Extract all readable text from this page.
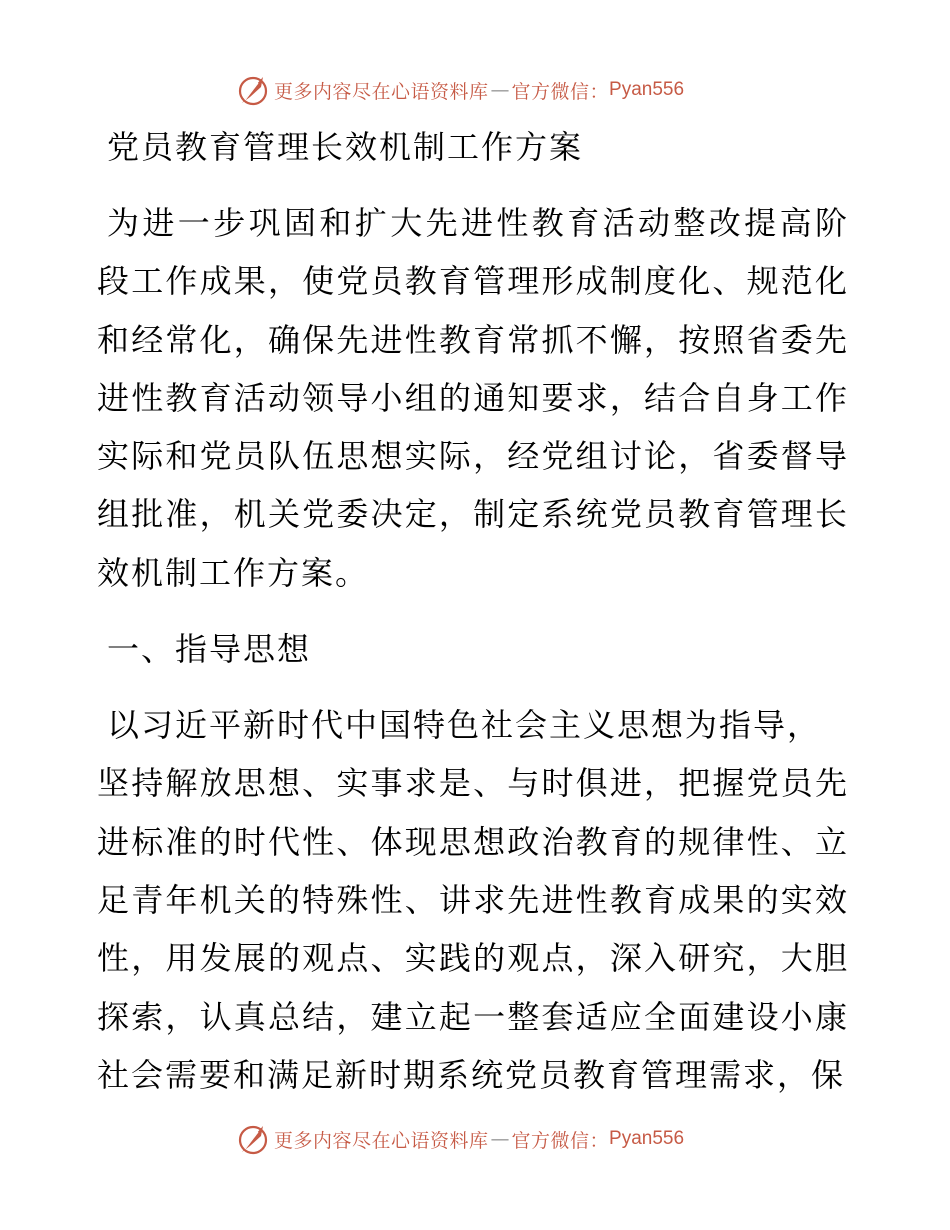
更多内容尽在心语资料库 — 官方微信： Pyan556
党员教育管理长效机制工作方案

为进一步巩固和扩大先进性教育活动整改提高阶段工作成果，使党员教育管理形成制度化、规范化和经常化，确保先进性教育常抓不懈，按照省委先进性教育活动领导小组的通知要求，结合自身工作实际和党员队伍思想实际，经党组讨论，省委督导组批准，机关党委决定，制定系统党员教育管理长效机制工作方案。

一、指导思想

以习近平新时代中国特色社会主义思想为指导，
坚持解放思想、实事求是、与时俱进，把握党员先进标准的时代性、体现思想政治教育的规律性、立足青年机关的特殊性、讲求先进性教育成果的实效性，用发展的观点、实践的观点，深入研究，大胆探索，认真总结，建立起一整套适应全面建设小康社会需要和满足新时期系统党员教育管理需求，保

更多内容尽在心语资料库 — 官方微信： Pyan556
